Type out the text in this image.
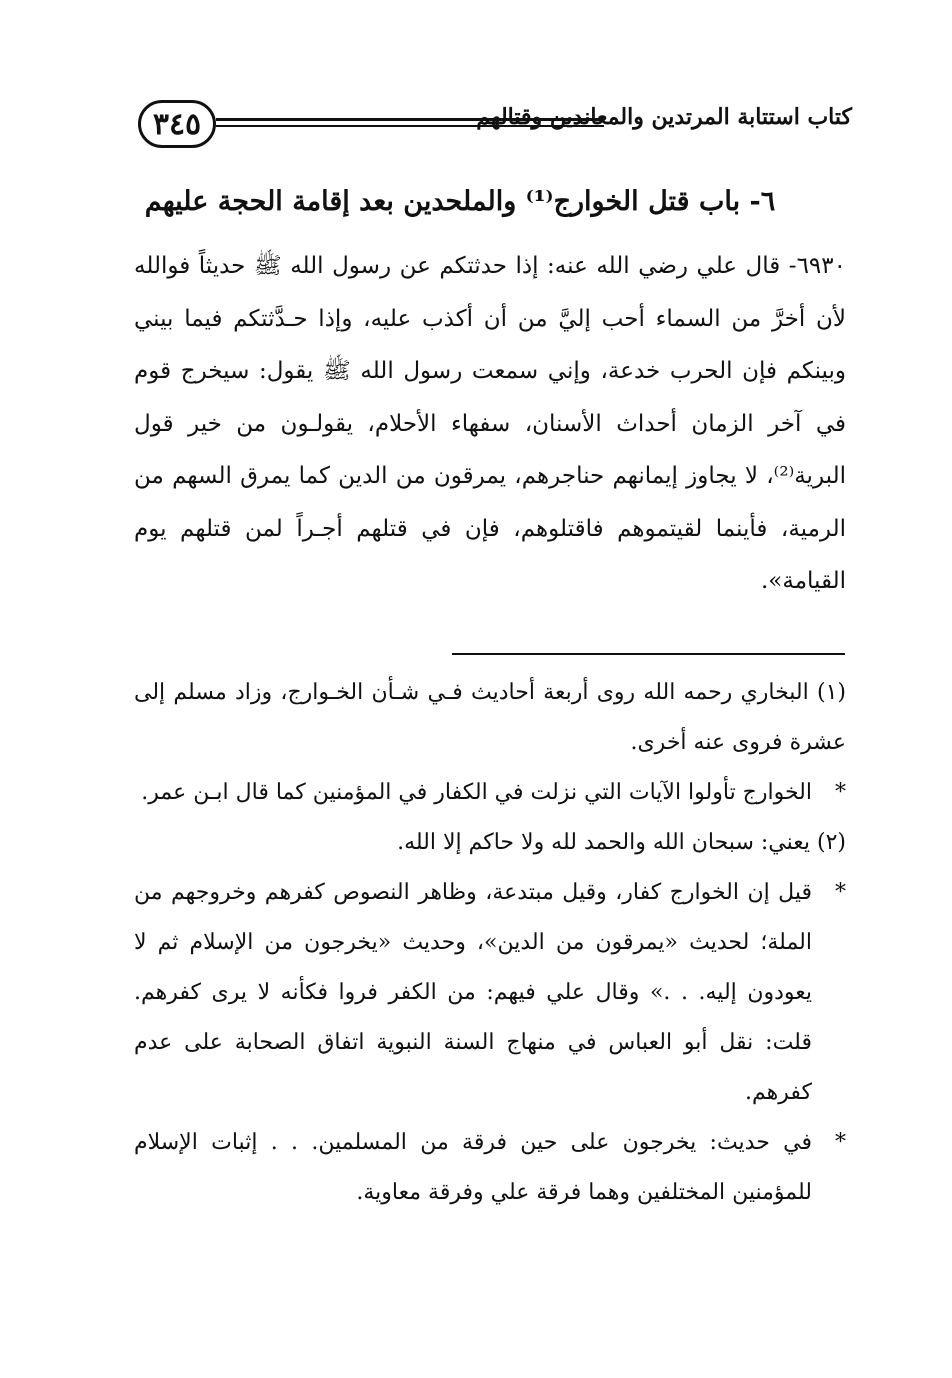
٣٤٥	كتاب استتابة المرتدين والمعاندين وقتالهم
٦- باب قتل الخوارج⁽¹⁾ والملحدين بعد إقامة الحجة عليهم

٦٩٣٠- قال علي رضي الله عنه: إذا حدثتكم عن رسول الله ﷺ حديثاً فوالله لأن أخرَّ من السماء أحب إليَّ من أن أكذب عليه، وإذا حـدَّثتكم فيما بيني وبينكم فإن الحرب خدعة، وإني سمعت رسول الله ﷺ يقول: سيخرج قوم في آخر الزمان أحداث الأسنان، سفهاء الأحلام، يقولـون من خير قول البرية⁽²⁾، لا يجاوز إيمانهم حناجرهم، يمرقون من الدين كما يمرق السهم من الرمية، فأينما لقيتموهم فاقتلوهم، فإن في قتلهم أجـراً لمن قتلهم يوم القيامة».

(١) البخاري رحمه الله روى أربعة أحاديث فـي شـأن الخـوارج، وزاد مسلم إلى عشرة فروى عنه أخرى.

*

الخوارج تأولوا الآيات التي نزلت في الكفار في المؤمنين كما قال ابـن عمر.

(٢) يعني: سبحان الله والحمد لله ولا حاكم إلا الله.

*

قيل إن الخوارج كفار، وقيل مبتدعة، وظاهر النصوص كفرهم وخروجهم من الملة؛ لحديث «يمرقون من الدين»، وحديث «يخرجون من الإسلام ثم لا يعودون إليه. . .» وقال علي فيهم: من الكفر فروا فكأنه لا يرى كفرهم. قلت: نقل أبو العباس في منهاج السنة النبوية اتفاق الصحابة على عدم كفرهم.

*

في حديث: يخرجون على حين فرقة من المسلمين. . . إثبات الإسلام للمؤمنين المختلفين وهما فرقة علي وفرقة معاوية.
